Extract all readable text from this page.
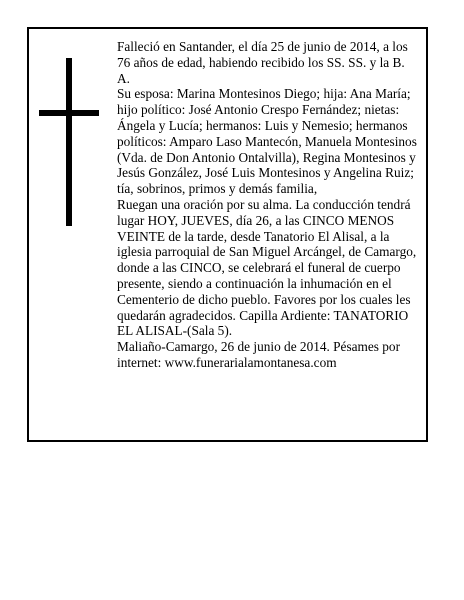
Falleció en Santander, el día 25 de junio de 2014, a los 76 años de edad, habiendo recibido los SS. SS. y la B. A.

Su esposa: Marina Montesinos Diego; hija: Ana María; hijo político: José Antonio Crespo Fernández; nietas: Ángela y Lucía; hermanos: Luis y Nemesio; hermanos políticos: Amparo Laso Mantecón, Manuela Montesinos (Vda. de Don Antonio Ontalvilla), Regina Montesinos y Jesús González, José Luis Montesinos y Angelina Ruiz; tía, sobrinos, primos y demás familia,

Ruegan una oración por su alma. La conducción tendrá lugar HOY, JUEVES, día 26, a las CINCO MENOS VEINTE de la tarde, desde Tanatorio El Alisal, a la iglesia parroquial de San Miguel Arcángel, de Camargo, donde a las CINCO, se celebrará el funeral de cuerpo presente, siendo a continuación la inhumación en el Cementerio de dicho pueblo. Favores por los cuales les quedarán agradecidos. Capilla Ardiente: TANATORIO EL ALISAL-(Sala 5).

Maliaño-Camargo, 26 de junio de 2014. Pésames por internet: www.funerarialamontanesa.com
